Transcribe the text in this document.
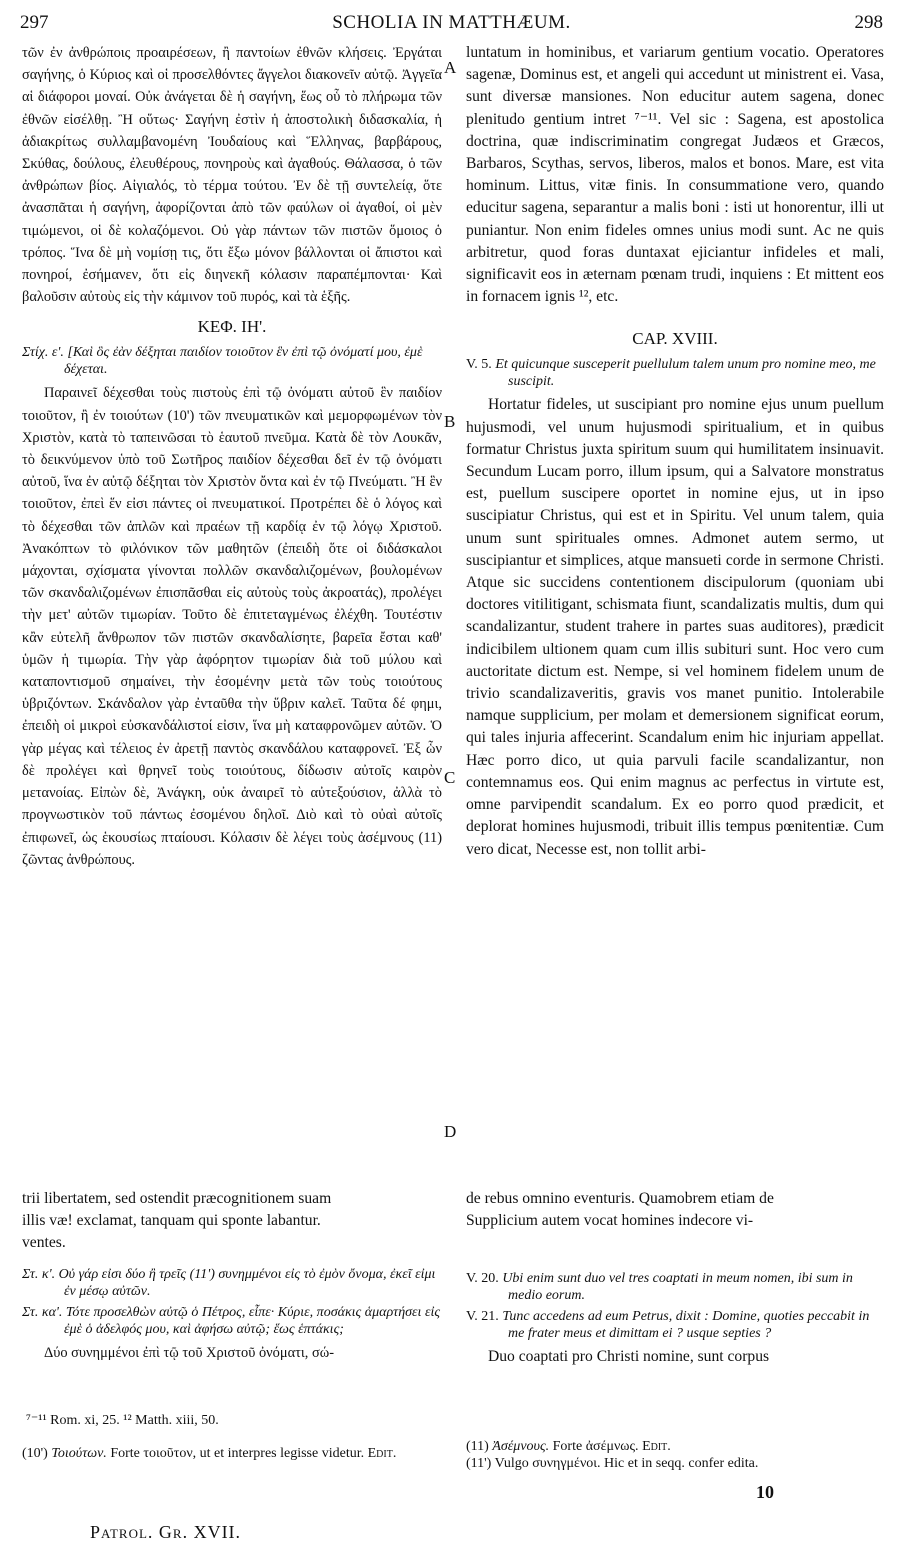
297	SCHOLIA IN MATTHÆUM.	298

τῶν ἐν ἀνθρώποις προαιρέσεων, ἢ παντοίων ἐθνῶν κλήσεις. Ἐργάται σαγήνης, ὁ Κύριος καὶ οἱ προσελθόντες ἄγγελοι διακονεῖν αὐτῷ. Ἀγγεῖα αἱ διάφοροι μοναί. Οὐκ ἀνάγεται δὲ ἡ σαγήνη, ἕως οὗ τὸ πλήρωμα τῶν ἐθνῶν εἰσέλθῃ. Ἢ οὕτως· Σαγήνη ἐστὶν ἡ ἀποστολικὴ διδασκαλία, ἡ ἀδιακρίτως συλλαμβανομένη Ἰουδαίους καὶ Ἕλληνας, βαρβάρους, Σκύθας, δούλους, ἐλευθέρους, πονηροὺς καὶ ἀγαθούς. Θάλασσα, ὁ τῶν ἀνθρώπων βίος. Αἰγιαλός, τὸ τέρμα τούτου. Ἐν δὲ τῇ συντελείᾳ, ὅτε ἀνασπᾶται ἡ σαγήνη, ἀφορίζονται ἀπὸ τῶν φαύλων οἱ ἀγαθοί, οἱ μὲν τιμώμενοι, οἱ δὲ κολαζόμενοι. Οὐ γὰρ πάντων τῶν πιστῶν ὅμοιος ὁ τρόπος. Ἵνα δὲ μὴ νομίσῃ τις, ὅτι ἔξω μόνον βάλλονται οἱ ἄπιστοι καὶ πονηροί, ἐσήμανεν, ὅτι εἰς διηνεκῆ κόλασιν παραπέμπονται· Καὶ βαλοῦσιν αὐτοὺς εἰς τὴν κάμινον τοῦ πυρός, καὶ τὰ ἑξῆς.

ΚΕΦ. ΙΗ'.

Στίχ. ε'. [Καὶ ὃς ἐὰν δέξηται παιδίον τοιοῦτον ἓν ἐπὶ τῷ ὀνόματί μου, ἐμὲ δέχεται.

Παραινεῖ δέχεσθαι τοὺς πιστοὺς ἐπὶ τῷ ὀνόματι αὐτοῦ ἓν παιδίον τοιοῦτον, ἢ ἐν τοιούτων (10') τῶν πνευματικῶν καὶ μεμορφωμένων τὸν Χριστὸν, κατὰ τὸ ταπεινῶσαι τὸ ἑαυτοῦ πνεῦμα. Κατὰ δὲ τὸν Λουκᾶν, τὸ δεικνύμενον ὑπὸ τοῦ Σωτῆρος παιδίον δέχεσθαι δεῖ ἐν τῷ ὀνόματι αὐτοῦ, ἵνα ἐν αὐτῷ δέξηται τὸν Χριστὸν ὄντα καὶ ἐν τῷ Πνεύματι. Ἢ ἓν τοιοῦτον, ἐπεὶ ἕν εἰσι πάντες οἱ πνευματικοί. Προτρέπει δὲ ὁ λόγος καὶ τὸ δέχεσθαι τῶν ἁπλῶν καὶ πραέων τῇ καρδίᾳ ἐν τῷ λόγῳ Χριστοῦ. Ἀνακόπτων τὸ φιλόνικον τῶν μαθητῶν (ἐπειδὴ ὅτε οἱ διδάσκαλοι μάχονται, σχίσματα γίνονται πολλῶν σκανδαλιζομένων, βουλομένων τῶν σκανδαλιζομένων ἐπισπᾶσθαι εἰς αὐτοὺς τοὺς ἀκροατάς), προλέγει τὴν μετ' αὐτῶν τιμωρίαν. Τοῦτο δὲ ἐπιτεταγμένως ἐλέχθη. Τουτέστιν κἂν εὐτελῆ ἄνθρωπον τῶν πιστῶν σκανδαλίσητε, βαρεῖα ἔσται καθ' ὑμῶν ἡ τιμωρία. Τὴν γὰρ ἀφόρητον τιμωρίαν διὰ τοῦ μύλου καὶ καταποντισμοῦ σημαίνει, τὴν ἐσομένην μετὰ τῶν τοὺς τοιούτους ὑβριζόντων. Σκάνδαλον γὰρ ἐνταῦθα τὴν ὕβριν καλεῖ. Ταῦτα δέ φημι, ἐπειδὴ οἱ μικροὶ εὐσκανδάλιστοί εἰσιν, ἵνα μὴ καταφρονῶμεν αὐτῶν. Ὁ γὰρ μέγας καὶ τέλειος ἐν ἀρετῇ παντὸς σκανδάλου καταφρονεῖ. Ἐξ ὧν δὲ προλέγει καὶ θρηνεῖ τοὺς τοιούτους, δίδωσιν αὐτοῖς καιρὸν μετανοίας. Εἰπὼν δὲ, Ἀνάγκη, οὐκ ἀναιρεῖ τὸ αὐτεξούσιον, ἀλλὰ τὸ προγνωστικὸν τοῦ πάντως ἐσομένου δηλοῖ. Διὸ καὶ τὸ οὐαὶ αὐτοῖς ἐπιφωνεῖ, ὡς ἑκουσίως πταίουσι. Κόλασιν δὲ λέγει τοὺς ἀσέμνους (11) ζῶντας ἀνθρώπους.

luntatum in hominibus, et variarum gentium vocatio. Operatores sagenæ, Dominus est, et angeli qui accedunt ut ministrent ei. Vasa, sunt diversæ mansiones. Non educitur autem sagena, donec plenitudo gentium intret ⁷⁻¹¹. Vel sic : Sagena, est apostolica doctrina, quæ indiscriminatim congregat Judæos et Græcos, Barbaros, Scythas, servos, liberos, malos et bonos. Mare, est vita hominum. Littus, vitæ finis. In consummatione vero, quando educitur sagena, separantur a malis boni : isti ut honorentur, illi ut puniantur. Non enim fideles omnes unius modi sunt. Ac ne quis arbitretur, quod foras duntaxat ejiciantur infideles et mali, significavit eos in æternam pœnam trudi, inquiens : Et mittent eos in fornacem ignis ¹², etc.

CAP. XVIII.

V. 5. Et quicunque susceperit puellulum talem unum pro nomine meo, me suscipit.

Hortatur fideles, ut suscipiant pro nomine ejus unum puellum hujusmodi, vel unum hujusmodi spiritualium, et in quibus formatur Christus juxta spiritum suum qui humilitatem insinuavit. Secundum Lucam porro, illum ipsum, qui a Salvatore monstratus est, puellum suscipere oportet in nomine ejus, ut in ipso suscipiatur Christus, qui est et in Spiritu. Vel unum talem, quia unum sunt spirituales omnes. Admonet autem sermo, ut suscipiantur et simplices, atque mansueti corde in sermone Christi. Atque sic succidens contentionem discipulorum (quoniam ubi doctores vitilitigant, schismata fiunt, scandalizatis multis, dum qui scandalizantur, student trahere in partes suas auditores), prædicit indicibilem ultionem quam cum illis subituri sunt. Hoc vero cum auctoritate dictum est. Nempe, si vel hominem fidelem unum de trivio scandalizaveritis, gravis vos manet punitio. Intolerabile namque supplicium, per molam et demersionem significat eorum, qui tales injuria affecerint. Scandalum enim hic injuriam appellat. Hæc porro dico, ut quia parvuli facile scandalizantur, non contemnamus eos. Qui enim magnus ac perfectus in virtute est, omne parvipendit scandalum. Ex eo porro quod prædicit, et deplorat homines hujusmodi, tribuit illis tempus pœnitentiæ. Cum vero dicat, Necesse est, non tollit arbi-

trii libertatem, sed ostendit præcognitionem suam	de rebus omnino eventuris. Quamobrem etiam de
illis væ! exclamat, tanquam qui sponte labantur.	Supplicium autem vocat homines indecore vi-
ventes.

Στ. κ'. Οὐ γάρ εἰσι δύο ἢ τρεῖς (11') συνημμένοι εἰς τὸ ἐμὸν ὄνομα, ἐκεῖ εἰμι ἐν μέσῳ αὐτῶν.

Στ. κα'. Τότε προσελθὼν αὐτῷ ὁ Πέτρος, εἶπε· Κύριε, ποσάκις ἁμαρτήσει εἰς ἐμὲ ὁ ἀδελφός μου, καὶ ἀφήσω αὐτῷ; ἕως ἑπτάκις;

Δύο συνημμένοι ἐπὶ τῷ τοῦ Χριστοῦ ὀνόματι, σώ-

V. 20. Ubi enim sunt duo vel tres coaptati in meum nomen, ibi sum in medio eorum.

V. 21. Tunc accedens ad eum Petrus, dixit : Domine, quoties peccabit in me frater meus et dimittam ei ? usque septies ?

Duo coaptati pro Christi nomine, sunt corpus

A
B
C
D
⁷⁻¹¹ Rom. xi, 25. ¹² Matth. xiii, 50.
(10') Τοιούτων. Forte τοιοῦτον, ut et interpres legisse videtur. Edit.	(11) Ἀσέμνους. Forte ἀσέμνως. Edit.
(11') Vulgo συνηγμένοι. Hic et in seqq. confer edita.
Patrol. Gr. XVII.
10
